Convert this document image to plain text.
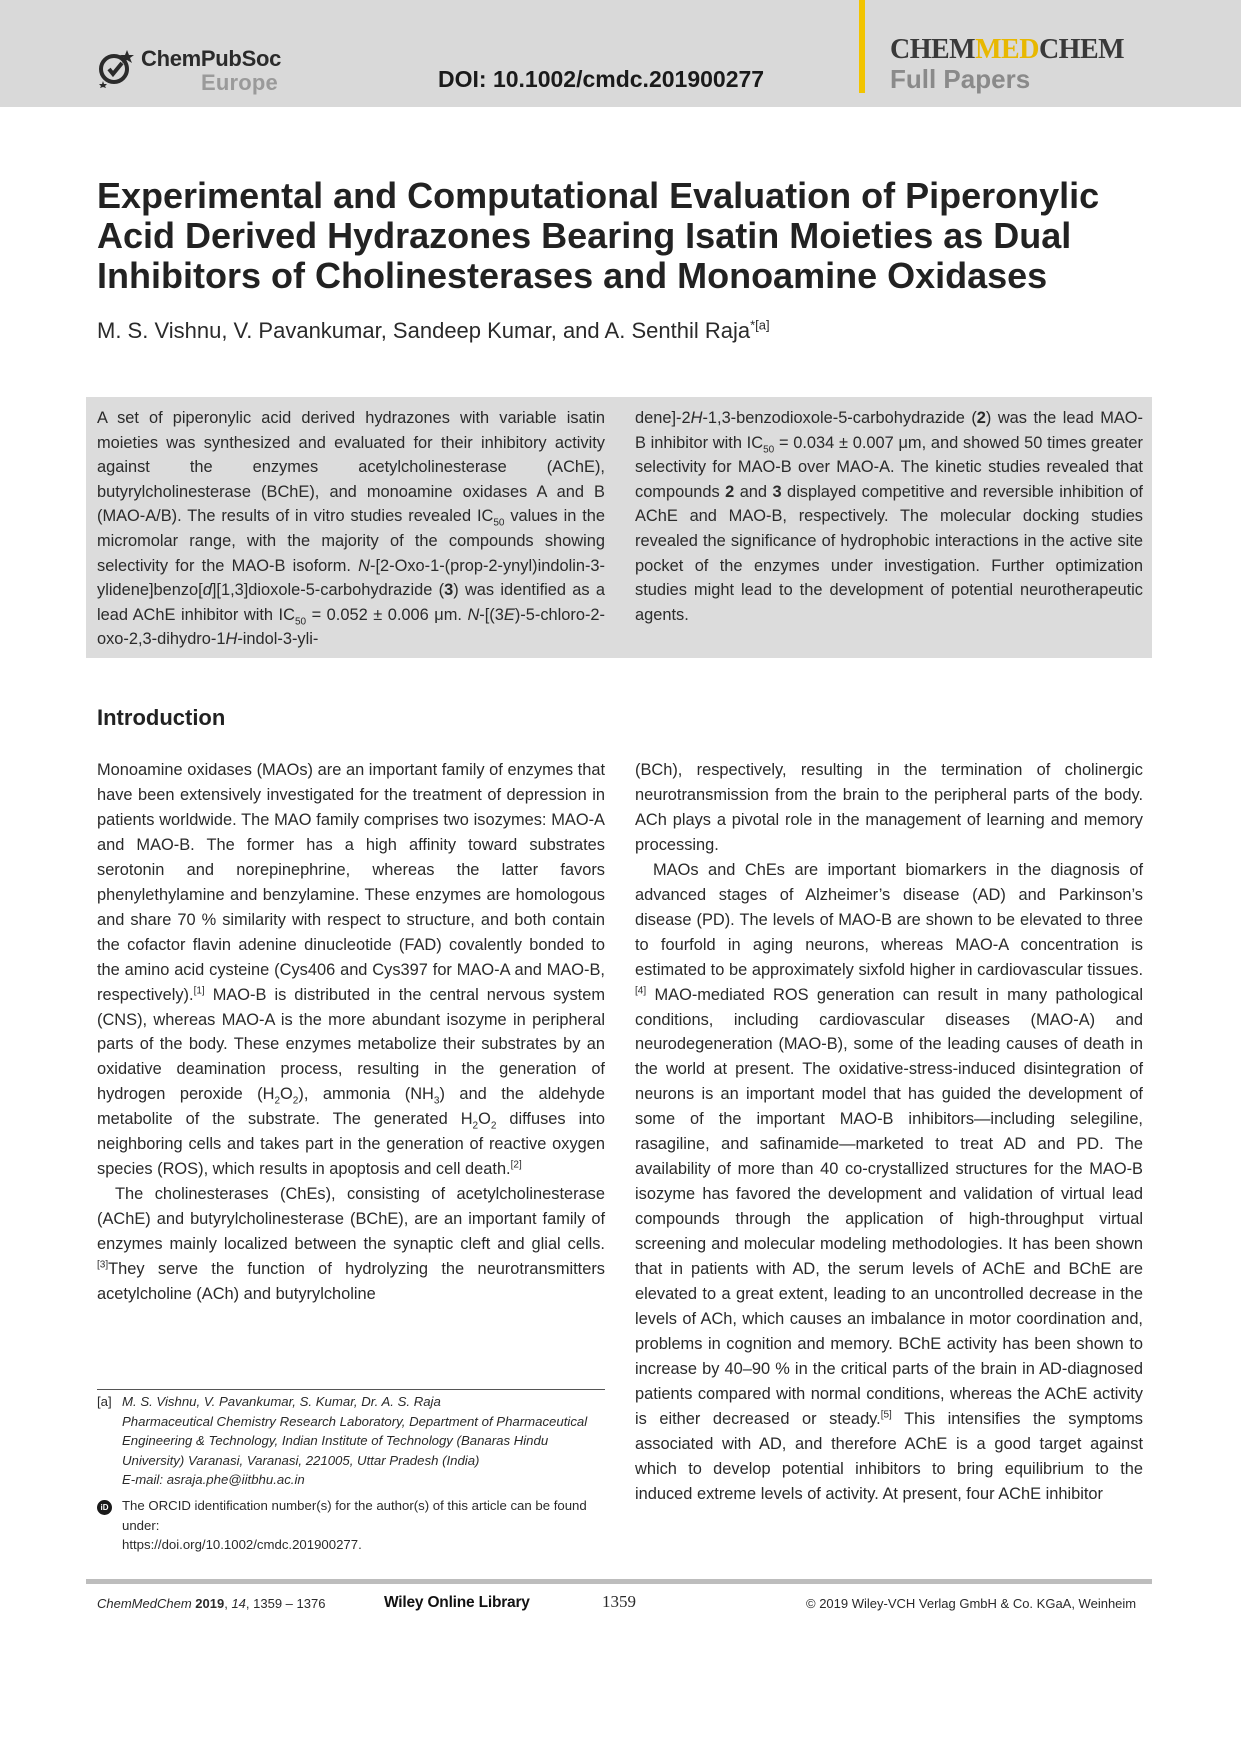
ChemPubSoc
Europe	DOI: 10.1002/cmdc.201900277
CHEMMEDCHEM
Full Papers
Experimental and Computational Evaluation of Piperonylic Acid Derived Hydrazones Bearing Isatin Moieties as Dual Inhibitors of Cholinesterases and Monoamine Oxidases
M. S. Vishnu, V. Pavankumar, Sandeep Kumar, and A. Senthil Raja$^{*[a]}$
A set of piperonylic acid derived hydrazones with variable isatin moieties was synthesized and evaluated for their inhibitory activity against the enzymes acetylcholinesterase (AChE), butyrylcholinesterase (BChE), and monoamine oxidases A and B (MAO-A/B). The results of in vitro studies revealed $IC_{50}$ values in the micromolar range, with the majority of the compounds showing selectivity for the MAO-B isoform. N-[2-Oxo-1-(prop-2-ynyl)indolin-3-ylidene]benzo[d][1,3]dioxole-5-carbohydrazide (3) was identified as a lead AChE inhibitor with $IC_{50} = 0.052 \pm 0.006$ μm. N-[(3E)-5-chloro-2-oxo-2,3-dihydro-1H-indol-3-yli-
dene]-2H-1,3-benzodioxole-5-carbohydrazide (2) was the lead MAO-B inhibitor with $IC_{50} = 0.034 \pm 0.007$ μm, and showed 50 times greater selectivity for MAO-B over MAO-A. The kinetic studies revealed that compounds 2 and 3 displayed competitive and reversible inhibition of AChE and MAO-B, respectively. The molecular docking studies revealed the significance of hydrophobic interactions in the active site pocket of the enzymes under investigation. Further optimization studies might lead to the development of potential neurotherapeutic agents.
Introduction

Monoamine oxidases (MAOs) are an important family of enzymes that have been extensively investigated for the treatment of depression in patients worldwide. The MAO family comprises two isozymes: MAO-A and MAO-B. The former has a high affinity toward substrates serotonin and norepinephrine, whereas the latter favors phenylethylamine and benzylamine. These enzymes are homologous and share 70 % similarity with respect to structure, and both contain the cofactor flavin adenine dinucleotide (FAD) covalently bonded to the amino acid cysteine (Cys406 and Cys397 for MAO-A and MAO-B, respectively).[1] MAO-B is distributed in the central nervous system (CNS), whereas MAO-A is the more abundant isozyme in peripheral parts of the body. These enzymes metabolize their substrates by an oxidative deamination process, resulting in the generation of hydrogen peroxide $(H_2O_2)$, ammonia $(NH_3)$ and the aldehyde metabolite of the substrate. The generated $H_2O_2$ diffuses into neighboring cells and takes part in the generation of reactive oxygen species (ROS), which results in apoptosis and cell death.[2]

The cholinesterases (ChEs), consisting of acetylcholinesterase (AChE) and butyrylcholinesterase (BChE), are an important family of enzymes mainly localized between the synaptic cleft and glial cells.[3]They serve the function of hydrolyzing the neurotransmitters acetylcholine (ACh) and butyrylcholine

(BCh), respectively, resulting in the termination of cholinergic neurotransmission from the brain to the peripheral parts of the body. ACh plays a pivotal role in the management of learning and memory processing.

MAOs and ChEs are important biomarkers in the diagnosis of advanced stages of Alzheimer’s disease (AD) and Parkinson’s disease (PD). The levels of MAO-B are shown to be elevated to three to fourfold in aging neurons, whereas MAO-A concentration is estimated to be approximately sixfold higher in cardiovascular tissues.[4] MAO-mediated ROS generation can result in many pathological conditions, including cardiovascular diseases (MAO-A) and neurodegeneration (MAO-B), some of the leading causes of death in the world at present. The oxidative-stress-induced disintegration of neurons is an important model that has guided the development of some of the important MAO-B inhibitors—including selegiline, rasagiline, and safinamide—marketed to treat AD and PD. The availability of more than 40 co-crystallized structures for the MAO-B isozyme has favored the development and validation of virtual lead compounds through the application of high-throughput virtual screening and molecular modeling methodologies. It has been shown that in patients with AD, the serum levels of AChE and BChE are elevated to a great extent, leading to an uncontrolled decrease in the levels of ACh, which causes an imbalance in motor coordination and, problems in cognition and memory. BChE activity has been shown to increase by 40–90 % in the critical parts of the brain in AD-diagnosed patients compared with normal conditions, whereas the AChE activity is either decreased or steady.[5] This intensifies the symptoms associated with AD, and therefore AChE is a good target against which to develop potential inhibitors to bring equilibrium to the induced extreme levels of activity. At present, four AChE inhibitor

[a] M. S. Vishnu, V. Pavankumar, S. Kumar, Dr. A. S. Raja
Pharmaceutical Chemistry Research Laboratory, Department of Pharmaceutical Engineering & Technology, Indian Institute of Technology (Banaras Hindu University) Varanasi, Varanasi, 221005, Uttar Pradesh (India)
E-mail: asraja.phe@iitbhu.ac.in
iD The ORCID identification number(s) for the author(s) of this article can be found under:
https://doi.org/10.1002/cmdc.201900277.
ChemMedChem 2019, 14, 1359 – 1376	Wiley Online Library	1359	© 2019 Wiley-VCH Verlag GmbH & Co. KGaA, Weinheim
